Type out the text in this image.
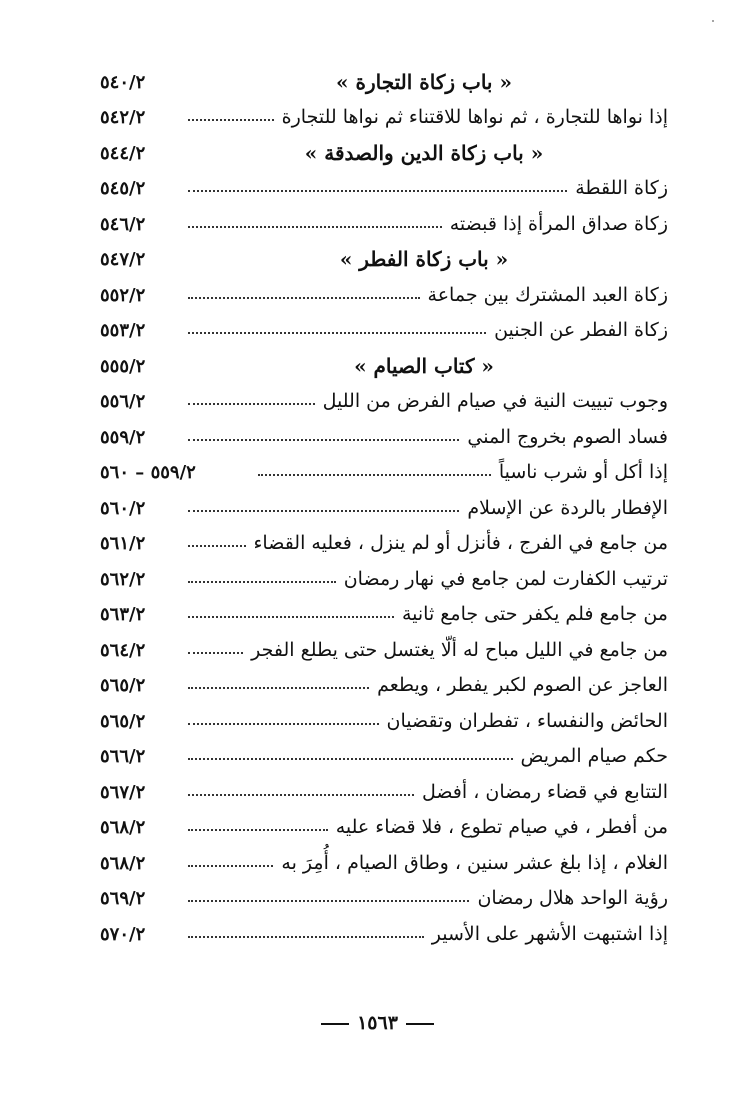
« باب زكاة التجارة »
٥٤٠/٢
إذا نواها للتجارة ، ثم نواها للاقتناء ثم نواها للتجارة
٥٤٢/٢
« باب زكاة الدين والصدقة »
٥٤٤/٢
زكاة اللقطة
٥٤٥/٢
زكاة صداق المرأة إذا قبضته
٥٤٦/٢
« باب زكاة الفطر »
٥٤٧/٢
زكاة العبد المشترك بين جماعة
٥٥٢/٢
زكاة الفطر عن الجنين
٥٥٣/٢
« كتاب الصيام »
٥٥٥/٢
وجوب تبييت النية في صيام الفرض من الليل
٥٥٦/٢
فساد الصوم بخروج المني
٥٥٩/٢
إذا أكل أو شرب ناسياً
٥٥٩/٢ – ٥٦٠
الإفطار بالردة عن الإسلام
٥٦٠/٢
من جامع في الفرج ، فأنزل أو لم ينزل ، فعليه القضاء
٥٦١/٢
ترتيب الكفارت لمن جامع في نهار رمضان
٥٦٢/٢
من جامع فلم يكفر حتى جامع ثانية
٥٦٣/٢
من جامع في الليل مباح له ألّا يغتسل حتى يطلع الفجر
٥٦٤/٢
العاجز عن الصوم لكبر يفطر ، ويطعم
٥٦٥/٢
الحائض والنفساء ، تفطران وتقضيان
٥٦٥/٢
حكم صيام المريض
٥٦٦/٢
التتابع في قضاء رمضان ، أفضل
٥٦٧/٢
من أفطر ، في صيام تطوع ، فلا قضاء عليه
٥٦٨/٢
الغلام ، إذا بلغ عشر سنين ، وطاق الصيام ، أُمِرَ به
٥٦٨/٢
رؤية الواحد هلال رمضان
٥٦٩/٢
إذا اشتبهت الأشهر على الأسير
٥٧٠/٢
١٥٦٣
